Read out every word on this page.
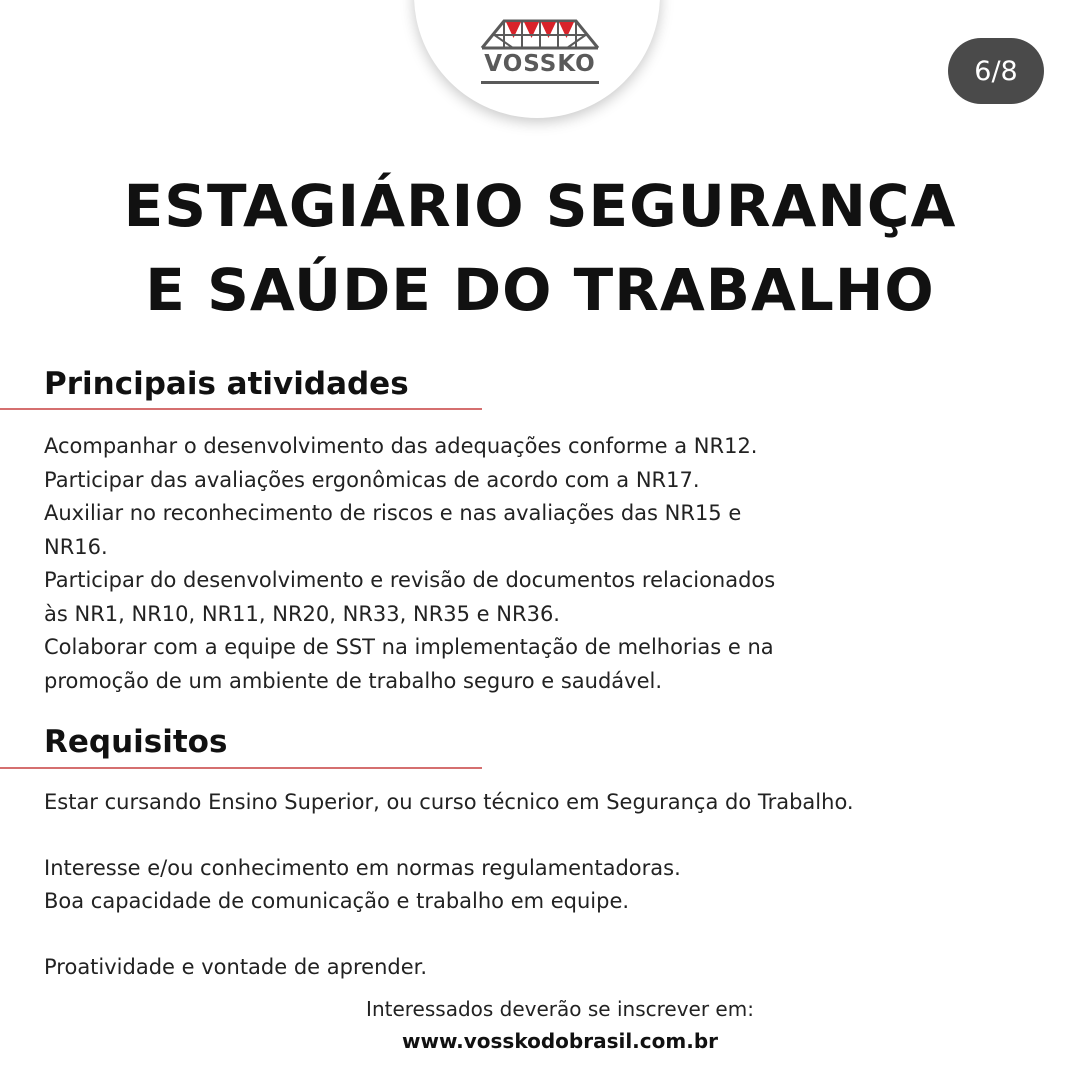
VOSSKO	6/8
ESTAGIÁRIO SEGURANÇA
E SAÚDE DO TRABALHO
Principais atividades
Acompanhar o desenvolvimento das adequações conforme a NR12.
Participar das avaliações ergonômicas de acordo com a NR17.
Auxiliar no reconhecimento de riscos e nas avaliações das NR15 e
NR16.
Participar do desenvolvimento e revisão de documentos relacionados
às NR1, NR10, NR11, NR20, NR33, NR35 e NR36.
Colaborar com a equipe de SST na implementação de melhorias e na
promoção de um ambiente de trabalho seguro e saudável.
Requisitos
Estar cursando Ensino Superior, ou curso técnico em Segurança do Trabalho.
Interesse e/ou conhecimento em normas regulamentadoras.
Boa capacidade de comunicação e trabalho em equipe.
Proatividade e vontade de aprender.
Interessados deverão se inscrever em:
www.vosskodobrasil.com.br
